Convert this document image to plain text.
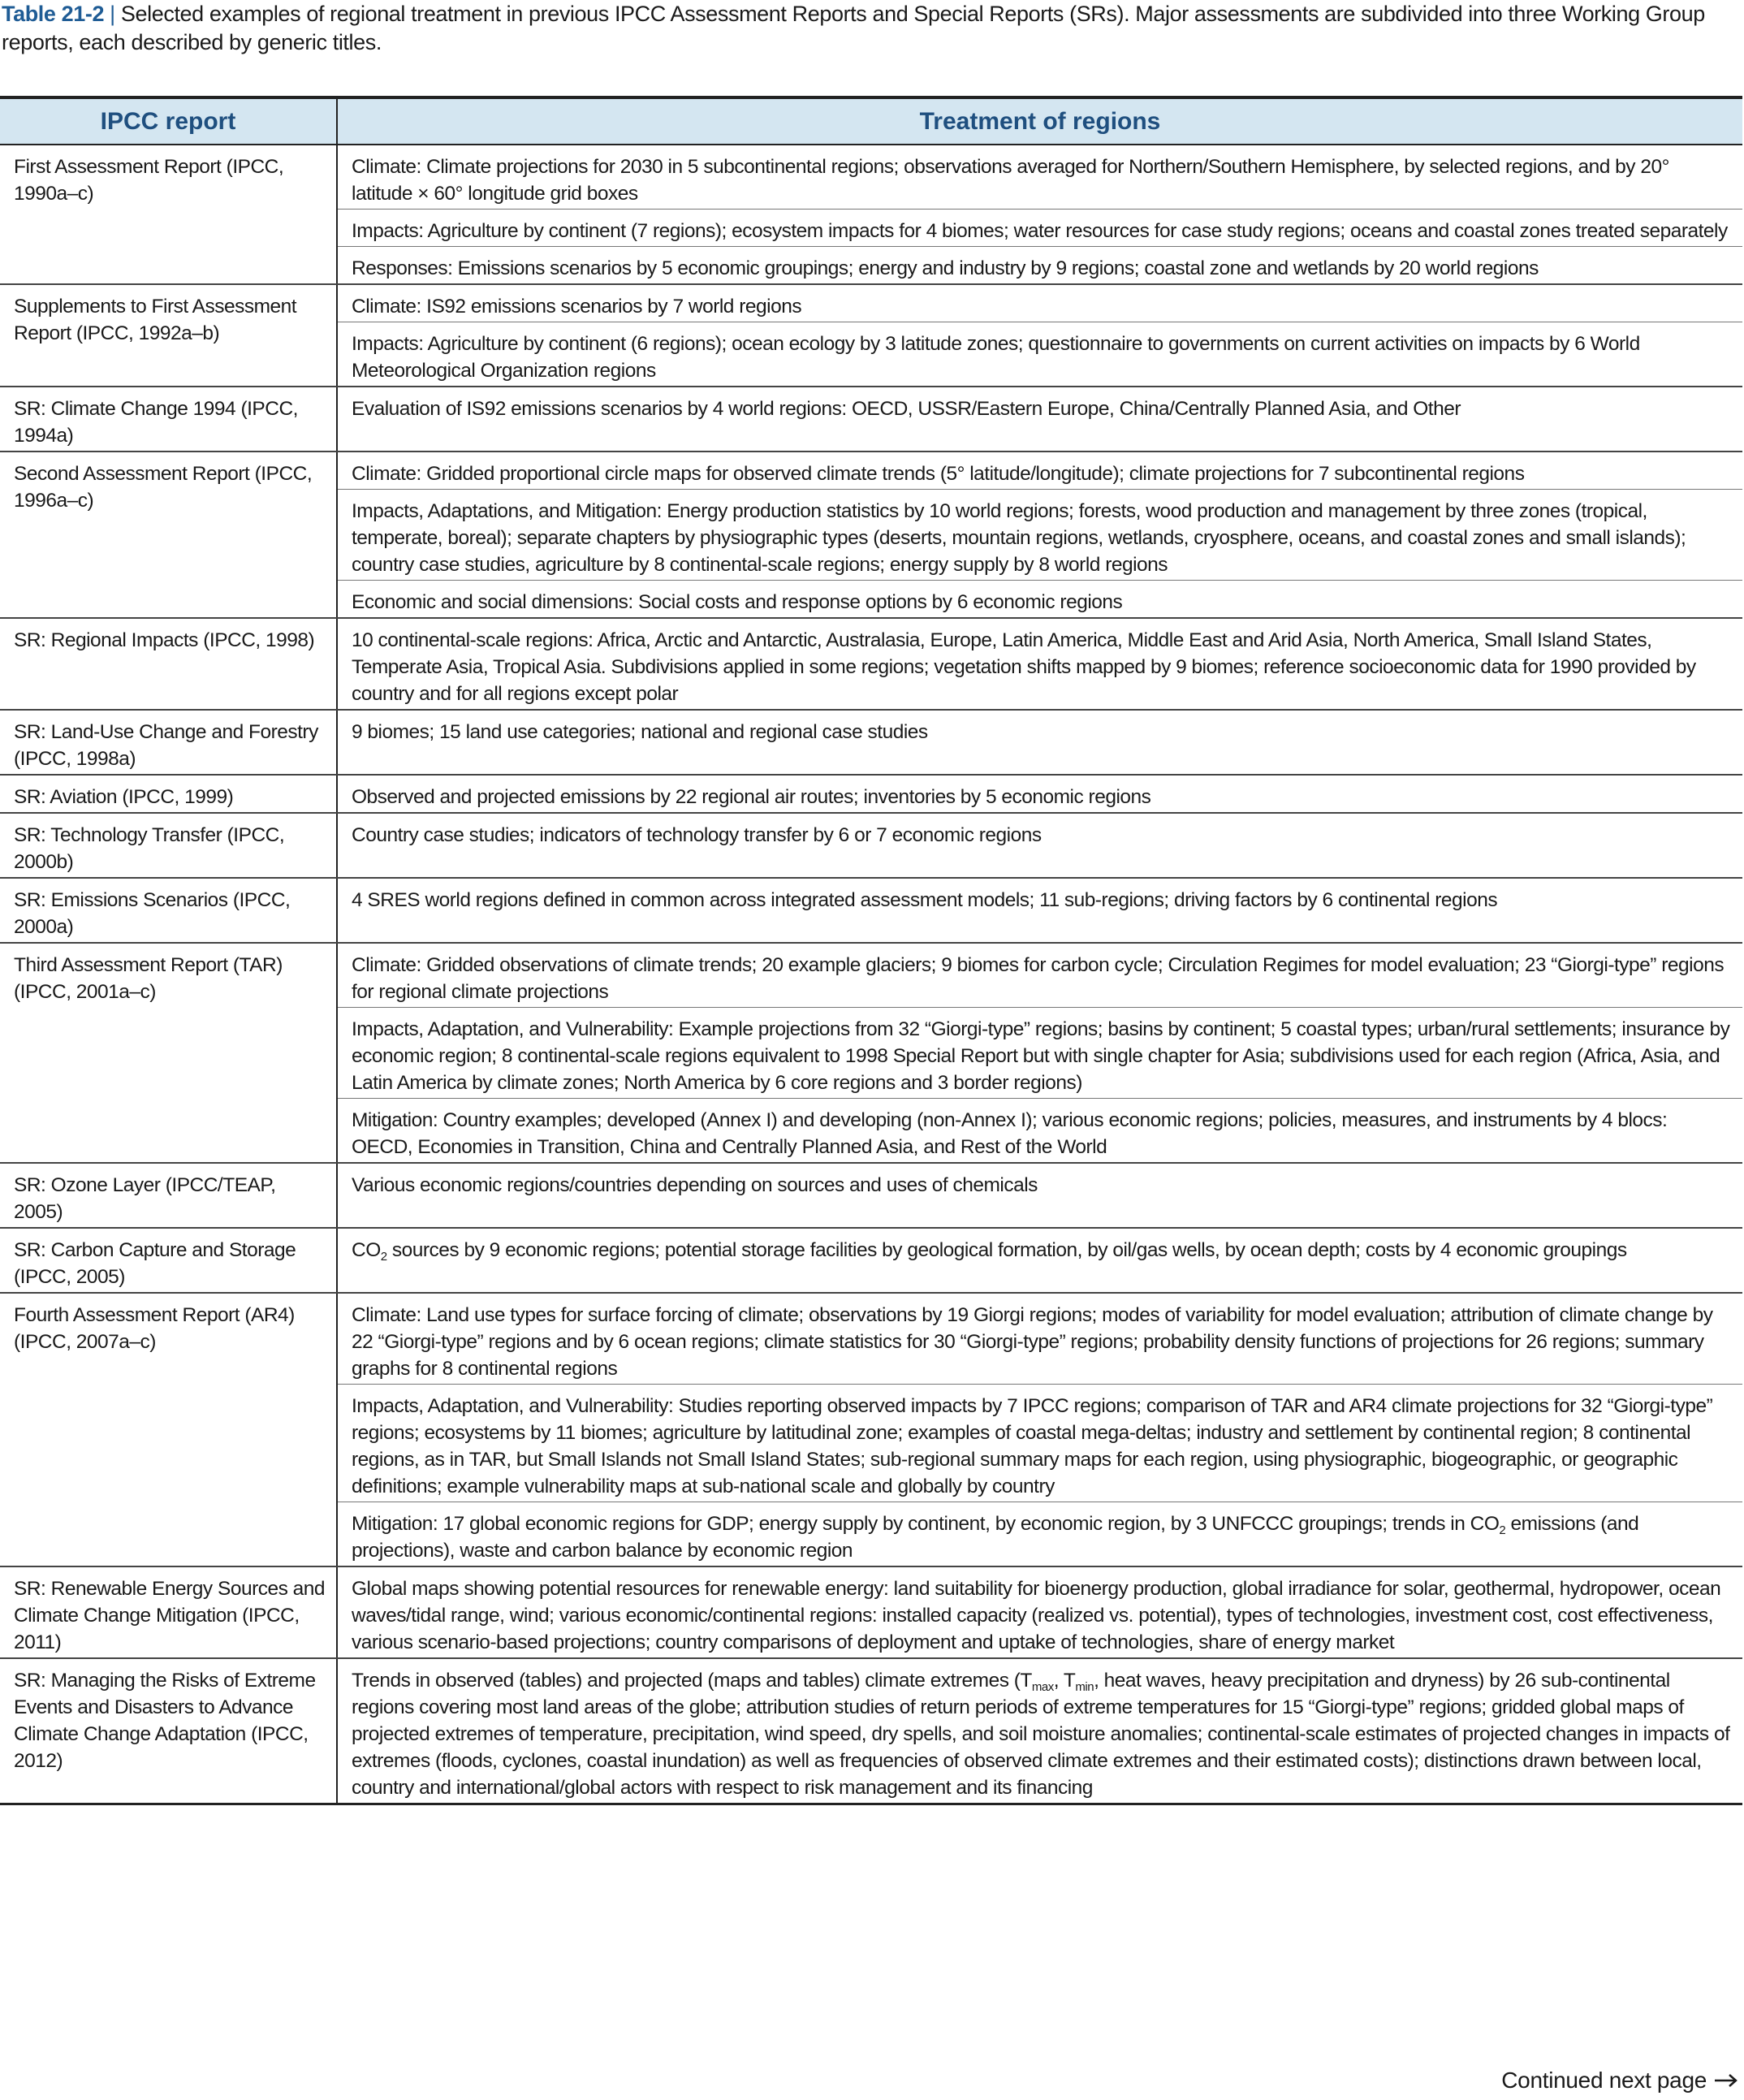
Table 21-2 | Selected examples of regional treatment in previous IPCC Assessment Reports and Special Reports (SRs). Major assessments are subdivided into three Working Group reports, each described by generic titles.
IPCC report	Treatment of regions
First Assessment Report (IPCC, 1990a–c)	Climate: Climate projections for 2030 in 5 subcontinental regions; observations averaged for Northern/Southern Hemisphere, by selected regions, and by 20° latitude × 60° longitude grid boxes
	Impacts: Agriculture by continent (7 regions); ecosystem impacts for 4 biomes; water resources for case study regions; oceans and coastal zones treated separately
	Responses: Emissions scenarios by 5 economic groupings; energy and industry by 9 regions; coastal zone and wetlands by 20 world regions
Supplements to First Assessment Report (IPCC, 1992a–b)	Climate: IS92 emissions scenarios by 7 world regions
	Impacts: Agriculture by continent (6 regions); ocean ecology by 3 latitude zones; questionnaire to governments on current activities on impacts by 6 World Meteorological Organization regions
SR: Climate Change 1994 (IPCC, 1994a)	Evaluation of IS92 emissions scenarios by 4 world regions: OECD, USSR/Eastern Europe, China/Centrally Planned Asia, and Other
Second Assessment Report (IPCC, 1996a–c)	Climate: Gridded proportional circle maps for observed climate trends (5° latitude/longitude); climate projections for 7 subcontinental regions
	Impacts, Adaptations, and Mitigation: Energy production statistics by 10 world regions; forests, wood production and management by three zones (tropical, temperate, boreal); separate chapters by physiographic types (deserts, mountain regions, wetlands, cryosphere, oceans, and coastal zones and small islands); country case studies, agriculture by 8 continental-scale regions; energy supply by 8 world regions
	Economic and social dimensions: Social costs and response options by 6 economic regions
SR: Regional Impacts (IPCC, 1998)	10 continental-scale regions: Africa, Arctic and Antarctic, Australasia, Europe, Latin America, Middle East and Arid Asia, North America, Small Island States, Temperate Asia, Tropical Asia. Subdivisions applied in some regions; vegetation shifts mapped by 9 biomes; reference socioeconomic data for 1990 provided by country and for all regions except polar
SR: Land-Use Change and Forestry (IPCC, 1998a)	9 biomes; 15 land use categories; national and regional case studies
SR: Aviation (IPCC, 1999)	Observed and projected emissions by 22 regional air routes; inventories by 5 economic regions
SR: Technology Transfer (IPCC, 2000b)	Country case studies; indicators of technology transfer by 6 or 7 economic regions
SR: Emissions Scenarios (IPCC, 2000a)	4 SRES world regions defined in common across integrated assessment models; 11 sub-regions; driving factors by 6 continental regions
Third Assessment Report (TAR) (IPCC, 2001a–c)	Climate: Gridded observations of climate trends; 20 example glaciers; 9 biomes for carbon cycle; Circulation Regimes for model evaluation; 23 “Giorgi-type” regions for regional climate projections
	Impacts, Adaptation, and Vulnerability: Example projections from 32 “Giorgi-type” regions; basins by continent; 5 coastal types; urban/rural settlements; insurance by economic region; 8 continental-scale regions equivalent to 1998 Special Report but with single chapter for Asia; subdivisions used for each region (Africa, Asia, and Latin America by climate zones; North America by 6 core regions and 3 border regions)
	Mitigation: Country examples; developed (Annex I) and developing (non-Annex I); various economic regions; policies, measures, and instruments by 4 blocs: OECD, Economies in Transition, China and Centrally Planned Asia, and Rest of the World
SR: Ozone Layer (IPCC/TEAP, 2005)	Various economic regions/countries depending on sources and uses of chemicals
SR: Carbon Capture and Storage (IPCC, 2005)	$CO_2$ sources by 9 economic regions; potential storage facilities by geological formation, by oil/gas wells, by ocean depth; costs by 4 economic groupings
Fourth Assessment Report (AR4) (IPCC, 2007a–c)	Climate: Land use types for surface forcing of climate; observations by 19 Giorgi regions; modes of variability for model evaluation; attribution of climate change by 22 “Giorgi-type” regions and by 6 ocean regions; climate statistics for 30 “Giorgi-type” regions; probability density functions of projections for 26 regions; summary graphs for 8 continental regions
	Impacts, Adaptation, and Vulnerability: Studies reporting observed impacts by 7 IPCC regions; comparison of TAR and AR4 climate projections for 32 “Giorgi-type” regions; ecosystems by 11 biomes; agriculture by latitudinal zone; examples of coastal mega-deltas; industry and settlement by continental region; 8 continental regions, as in TAR, but Small Islands not Small Island States; sub-regional summary maps for each region, using physiographic, biogeographic, or geographic definitions; example vulnerability maps at sub-national scale and globally by country
	Mitigation: 17 global economic regions for GDP; energy supply by continent, by economic region, by 3 UNFCCC groupings; trends in $CO_2$ emissions (and projections), waste and carbon balance by economic region
SR: Renewable Energy Sources and Climate Change Mitigation (IPCC, 2011)	Global maps showing potential resources for renewable energy: land suitability for bioenergy production, global irradiance for solar, geothermal, hydropower, ocean waves/tidal range, wind; various economic/continental regions: installed capacity (realized vs. potential), types of technologies, investment cost, cost effectiveness, various scenario-based projections; country comparisons of deployment and uptake of technologies, share of energy market
SR: Managing the Risks of Extreme Events and Disasters to Advance Climate Change Adaptation (IPCC, 2012)	Trends in observed (tables) and projected (maps and tables) climate extremes ($T_{max}$, $T_{min}$, heat waves, heavy precipitation and dryness) by 26 sub-continental regions covering most land areas of the globe; attribution studies of return periods of extreme temperatures for 15 “Giorgi-type” regions; gridded global maps of projected extremes of temperature, precipitation, wind speed, dry spells, and soil moisture anomalies; continental-scale estimates of projected changes in impacts of extremes (floods, cyclones, coastal inundation) as well as frequencies of observed climate extremes and their estimated costs); distinctions drawn between local, country and international/global actors with respect to risk management and its financing
Continued next page
